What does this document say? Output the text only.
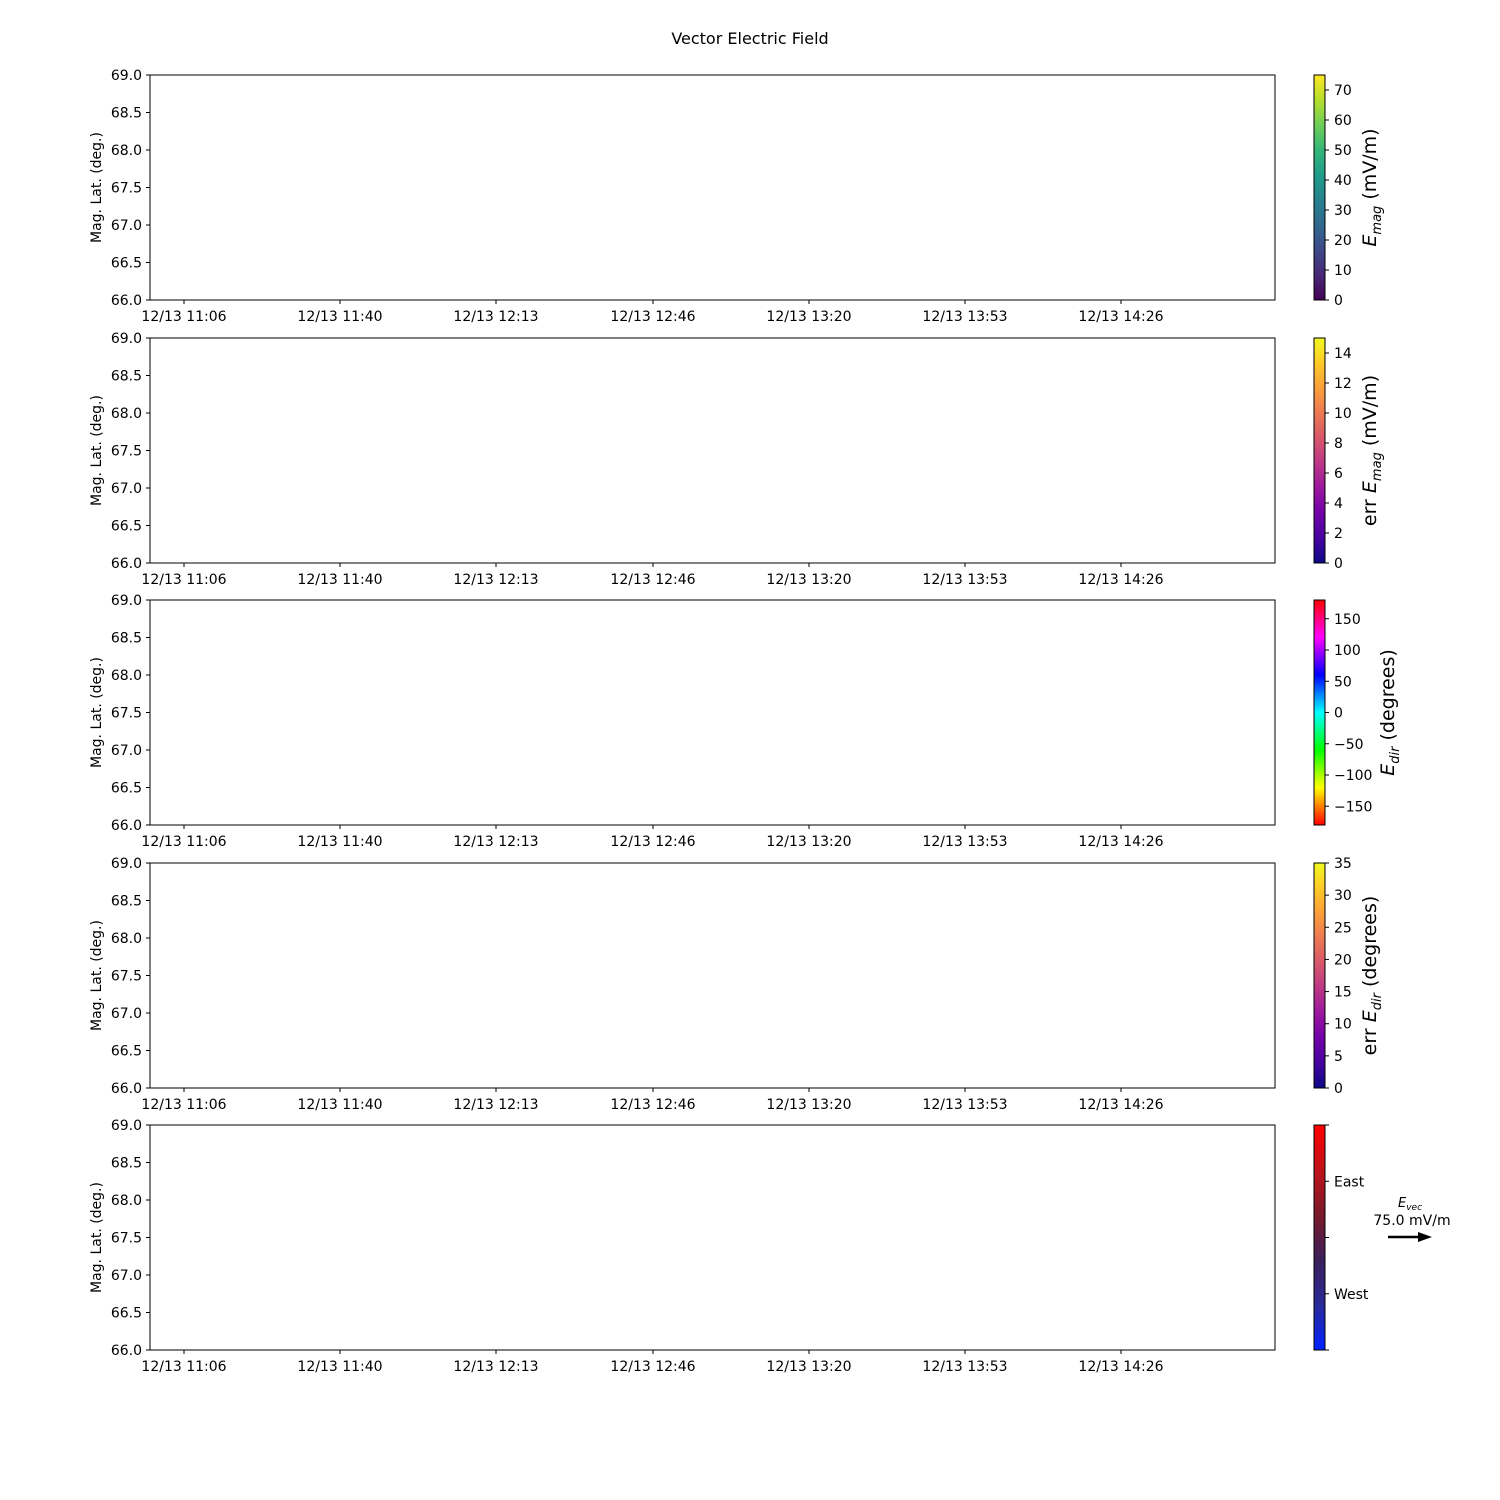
Vector Electric Field
69.0
68.5
68.0
67.5
67.0
66.5
66.0
Mag. Lat. (deg.)
12/13 11:06	12/13 11:40	12/13 12:13	12/13 12:46	12/13 13:20	12/13 13:53	12/13 14:26
70
60
50
40
30
20
10
0
$E_{mag}$ (mV/m)
69.0
68.5
68.0
67.5
67.0
66.5
66.0
Mag. Lat. (deg.)
12/13 11:06	12/13 11:40	12/13 12:13	12/13 12:46	12/13 13:20	12/13 13:53	12/13 14:26
14
12
10
8
6
4
2
0
err $E_{mag}$ (mV/m)
69.0
68.5
68.0
67.5
67.0
66.5
66.0
Mag. Lat. (deg.)
12/13 11:06	12/13 11:40	12/13 12:13	12/13 12:46	12/13 13:20	12/13 13:53	12/13 14:26
150
100
50
0
−50
−100
−150
$E_{dir}$ (degrees)
69.0
68.5
68.0
67.5
67.0
66.5
66.0
Mag. Lat. (deg.)
12/13 11:06	12/13 11:40	12/13 12:13	12/13 12:46	12/13 13:20	12/13 13:53	12/13 14:26
35
30
25
20
15
10
5
0
err $E_{dir}$ (degrees)
69.0
68.5
68.0
67.5
67.0
66.5
66.0
Mag. Lat. (deg.)
12/13 11:06	12/13 11:40	12/13 12:13	12/13 12:46	12/13 13:20	12/13 13:53	12/13 14:26
East
West
$E_{vec}$
75.0 mV/m
